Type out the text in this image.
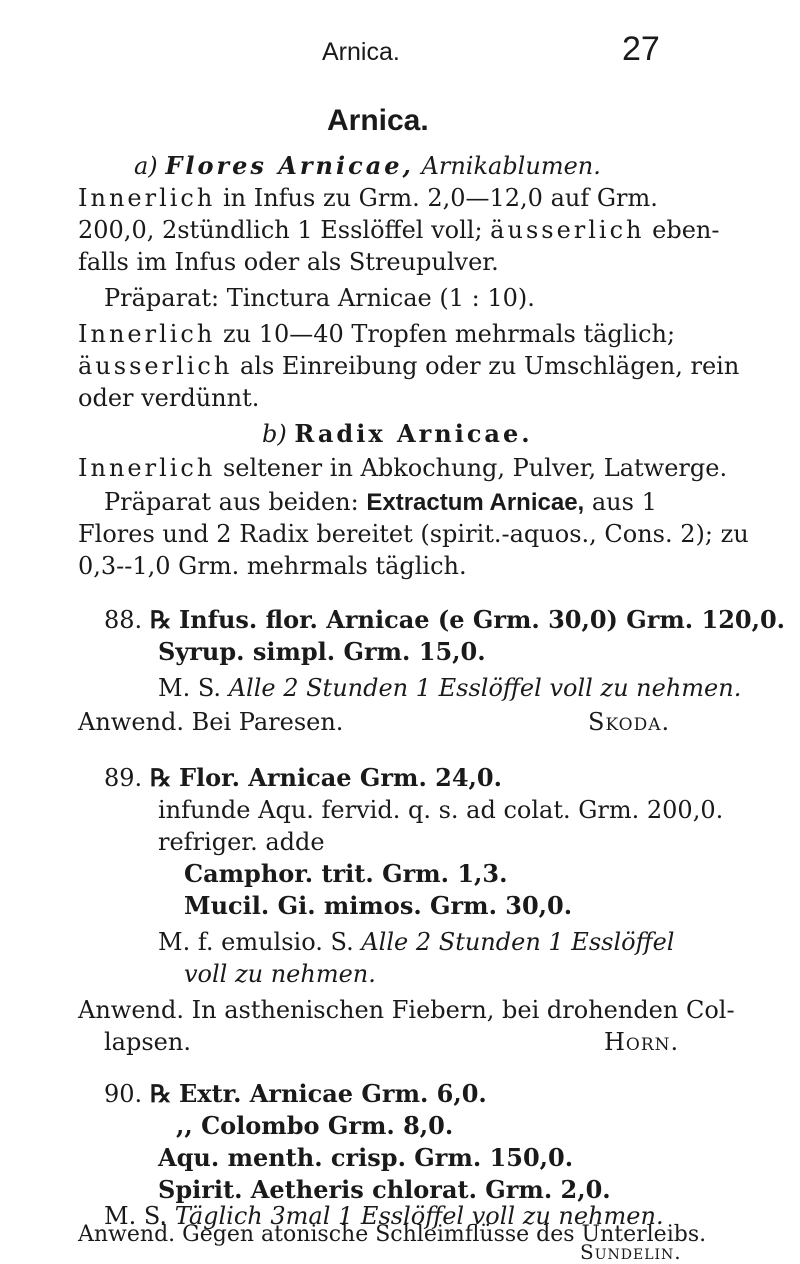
Arnica.	27
Arnica.
a) Flores Arnicae, Arnikablumen.
Innerlich in Infus zu Grm. 2,0—12,0 auf Grm.
200,0, 2stündlich 1 Esslöffel voll; äusserlich eben-
falls im Infus oder als Streupulver.
Präparat: Tinctura Arnicae (1 : 10).
Innerlich zu 10—40 Tropfen mehrmals täglich;
äusserlich als Einreibung oder zu Umschlägen, rein
oder verdünnt.
b) Radix Arnicae.
Innerlich seltener in Abkochung, Pulver, Latwerge.
Präparat aus beiden: Extractum Arnicae, aus 1
Flores und 2 Radix bereitet (spirit.-aquos., Cons. 2); zu
0,3--1,0 Grm. mehrmals täglich.
88. ℞ Infus. flor. Arnicae (e Grm. 30,0) Grm. 120,0.
Syrup. simpl. Grm. 15,0.
M. S. Alle 2 Stunden 1 Esslöffel voll zu nehmen.
Anwend. Bei Paresen.	Skoda.
89. ℞ Flor. Arnicae Grm. 24,0.
infunde Aqu. fervid. q. s. ad colat. Grm. 200,0.
refriger. adde
Camphor. trit. Grm. 1,3.
Mucil. Gi. mimos. Grm. 30,0.
M. f. emulsio. S. Alle 2 Stunden 1 Esslöffel
voll zu nehmen.
Anwend. In asthenischen Fiebern, bei drohenden Col-
lapsen.	Horn.
90. ℞ Extr. Arnicae Grm. 6,0.
,, Colombo Grm. 8,0.
Aqu. menth. crisp. Grm. 150,0.
Spirit. Aetheris chlorat. Grm. 2,0.
M. S. Täglich 3mal 1 Esslöffel voll zu nehmen.
Anwend. Gegen atonische Schleimflüsse des Unterleibs.
Sundelin.
